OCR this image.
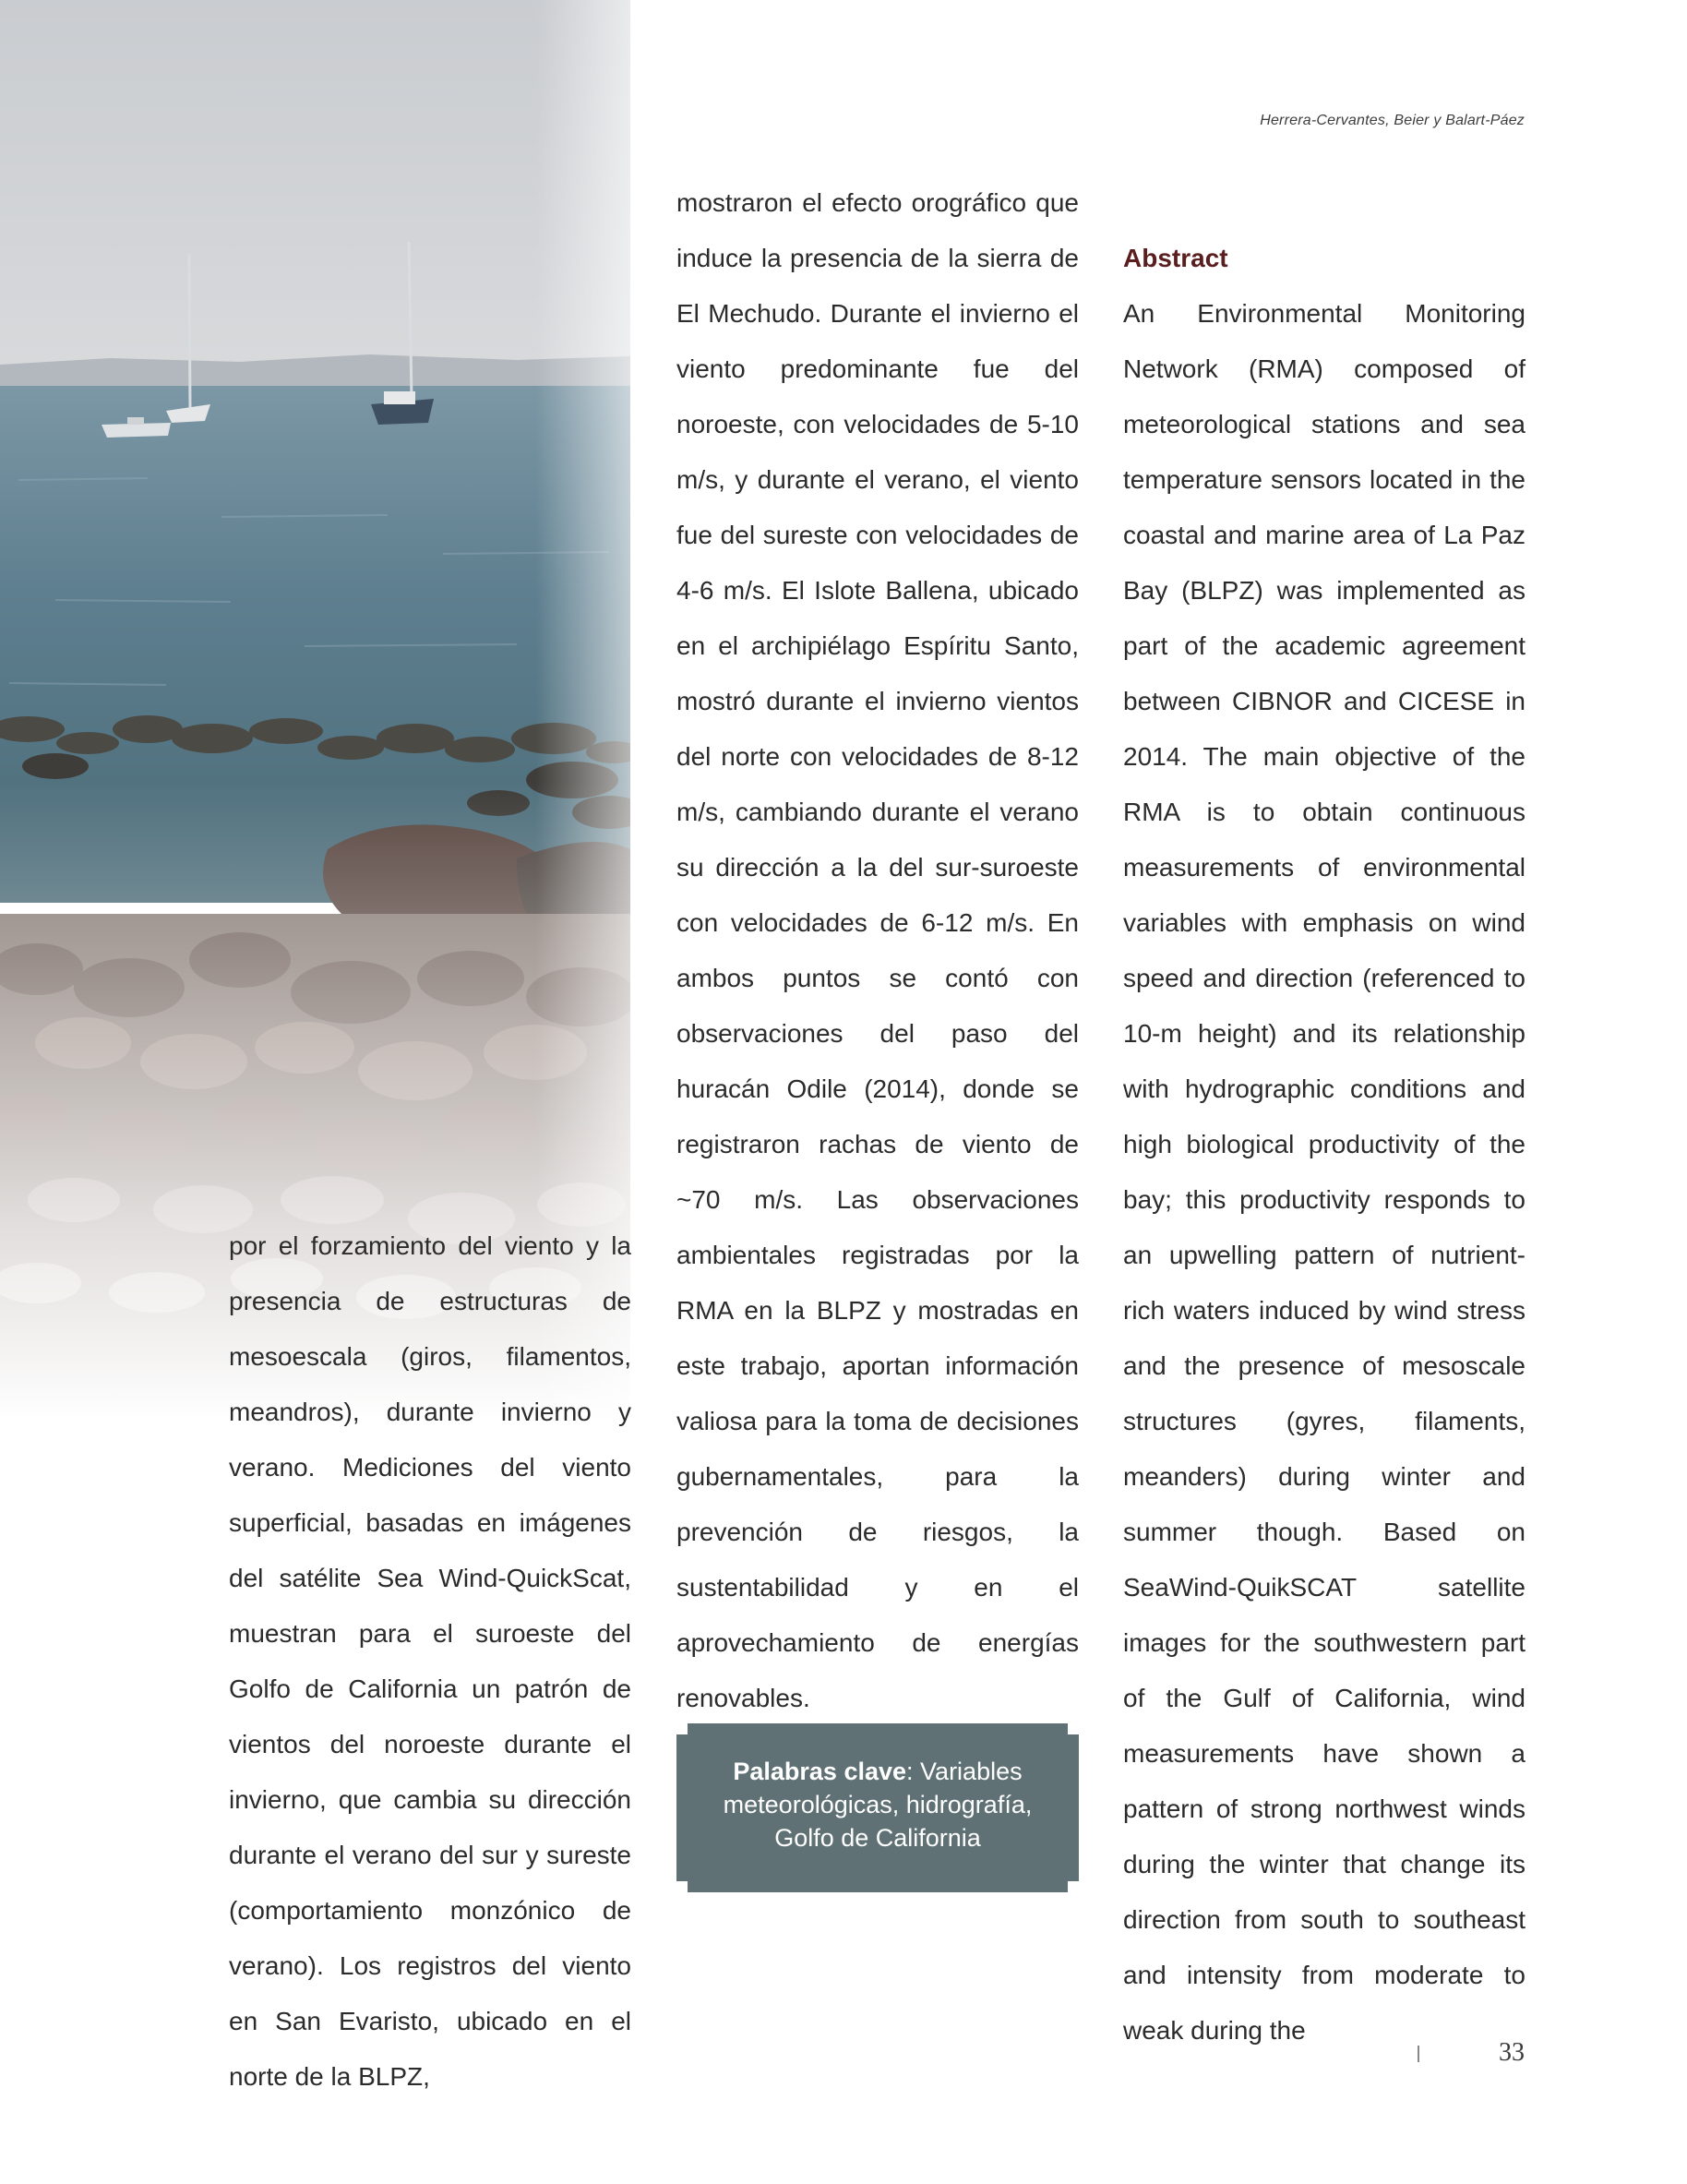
Herrera-Cervantes, Beier y Balart-Páez

por el forzamiento del viento y la presencia de estructuras de mesoescala (giros, filamentos, meandros), durante invierno y verano. Mediciones del viento superficial, basadas en imágenes del satélite Sea Wind-QuickScat, muestran para el suroeste del Golfo de California un patrón de vientos del noroeste durante el invierno, que cambia su dirección durante el verano del sur y sureste (comportamiento monzónico de verano). Los registros del viento en San Evaristo, ubicado en el norte de la BLPZ,

mostraron el efecto orográfico que induce la presencia de la sierra de El Mechudo. Durante el invierno el viento predominante fue del noroeste, con velocidades de 5-10 m/s, y durante el verano, el viento fue del sureste con velocidades de 4-6 m/s. El Islote Ballena, ubicado en el archipiélago Espíritu Santo, mostró durante el invierno vientos del norte con velocidades de 8-12 m/s, cambiando durante el verano su dirección a la del sur-suroeste con velocidades de 6-12 m/s. En ambos puntos se contó con observaciones del paso del huracán Odile (2014), donde se registraron rachas de viento de ~70 m/s. Las observaciones ambientales registradas por la RMA en la BLPZ y mostradas en este trabajo, aportan información valiosa para la toma de decisiones gubernamentales, para la prevención de riesgos, la sustentabilidad y en el aprovechamiento de energías renovables.

Palabras clave: Variables meteorológicas, hidrografía, Golfo de California
Abstract

An Environmental Monitoring Network (RMA) composed of meteorological stations and sea temperature sensors located in the coastal and marine area of La Paz Bay (BLPZ) was implemented as part of the academic agreement between CIBNOR and CICESE in 2014. The main objective of the RMA is to obtain continuous measurements of environmental variables with emphasis on wind speed and direction (referenced to 10-m height) and its relationship with hydrographic conditions and high biological productivity of the bay; this productivity responds to an upwelling pattern of nutrient-rich waters induced by wind stress and the presence of mesoscale structures (gyres, filaments, meanders) during winter and summer though. Based on SeaWind-QuikSCAT satellite images for the southwestern part of the Gulf of California, wind measurements have shown a pattern of strong northwest winds during the winter that change its direction from south to southeast and intensity from moderate to weak during the

33
